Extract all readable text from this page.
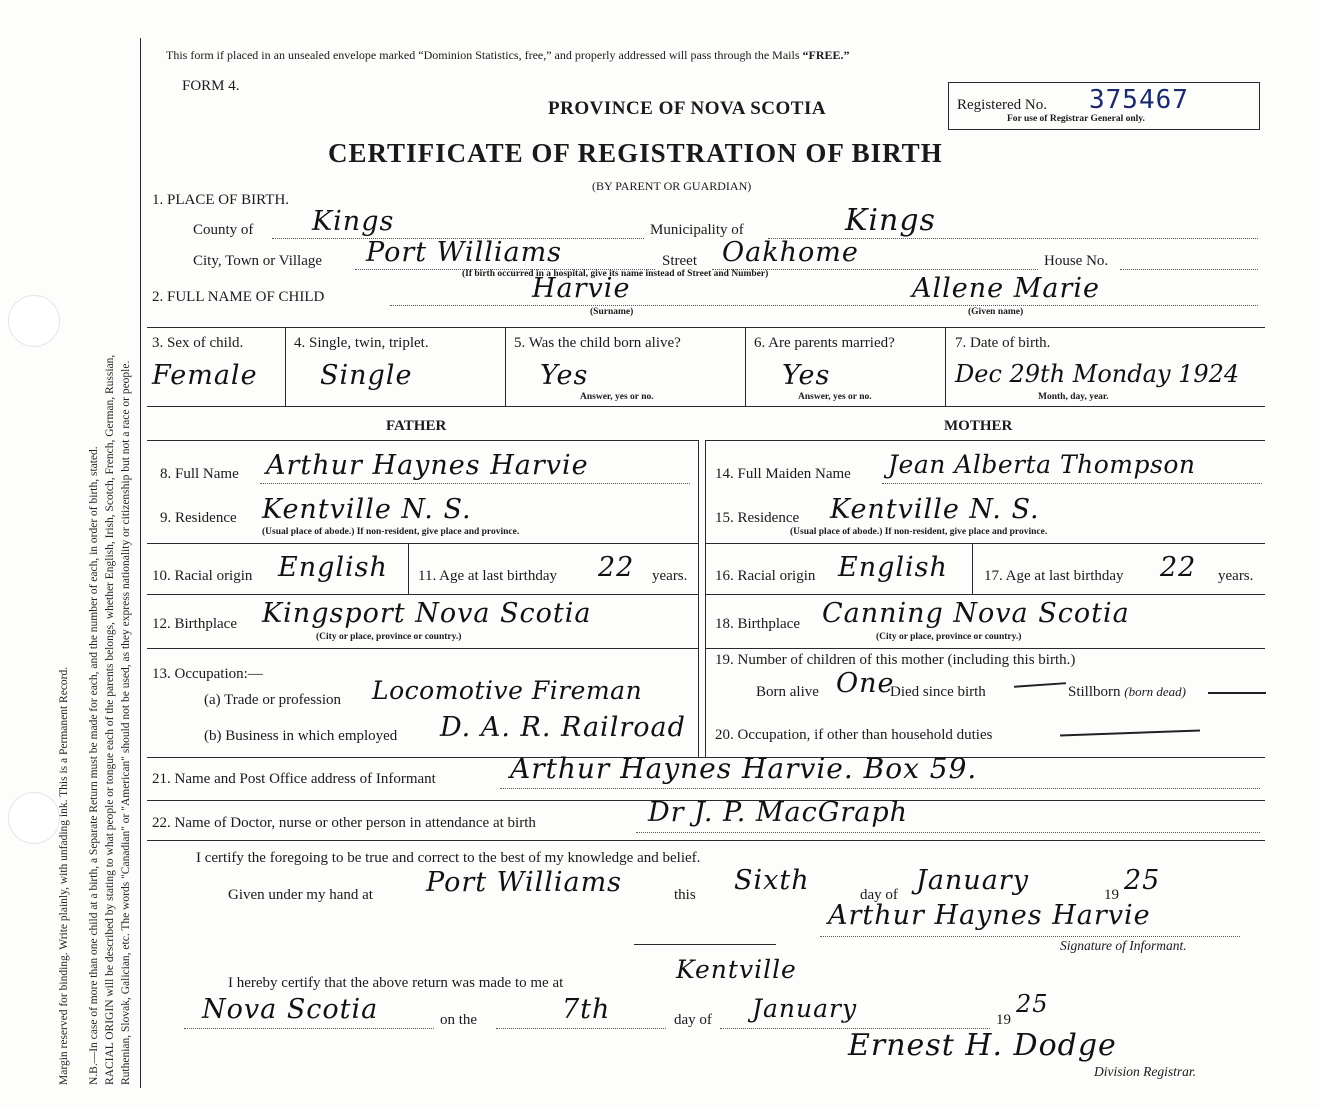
Margin reserved for binding. Write plainly, with unfading ink. This is a Permanent Record. N.B.—In case of more than one child at a birth, a Separate Return must be made for each, and the number of each, in order of birth, stated. RACIAL ORIGIN will be described by stating to what people or tongue each of the parents belongs, whether English, Irish, Scotch, French, German, Russian, Ruthenian, Slovak, Galician, etc. The words "Canadian" or "American" should not be used, as they express nationality or citizenship but not a race or people.
This form if placed in an unsealed envelope marked “Dominion Statistics, free,” and properly addressed will pass through the Mails “FREE.”
FORM 4.
PROVINCE OF NOVA SCOTIA	Registered No. 375467
For use of Registrar General only.
CERTIFICATE OF REGISTRATION OF BIRTH
(BY PARENT OR GUARDIAN)
1. PLACE OF BIRTH.
County of Kings	Municipality of	Kings
City, Town or Village Port Williams	Street Oakhome	House No.
(If birth occurred in a hospital, give its name instead of Street and Number)
2. FULL NAME OF CHILD	Harvie
(Surname)
Allene Marie
(Given name)
3. Sex of child.
Female
4. Single, twin, triplet.
Single
5. Was the child born alive?
Yes
Answer, yes or no.
6. Are parents married?
Yes
Answer, yes or no.
7. Date of birth.
Dec 29th Monday 1924
Month, day, year.
FATHER	MOTHER
8. Full Name Arthur Haynes Harvie
9. Residence Kentville N. S.
(Usual place of abode.) If non-resident, give place and province.
10. Racial origin English 11. Age at last birthday 22 years.
12. Birthplace Kingsport Nova Scotia
(City or place, province or country.)
13. Occupation:—
(a) Trade or profession Locomotive Fireman
(b) Business in which employed D. A. R. Railroad
14. Full Maiden Name Jean Alberta Thompson
15. Residence Kentville N. S.
(Usual place of abode.) If non-resident, give place and province.
16. Racial origin English 17. Age at last birthday 22 years.
18. Birthplace Canning Nova Scotia
(City or place, province or country.)
19. Number of children of this mother (including this birth.)
Born alive One
Died since birth	Stillborn (born dead)
20. Occupation, if other than household duties
21. Name and Post Office address of Informant	Arthur Haynes Harvie. Box 59.
22. Name of Doctor, nurse or other person in attendance at birth	Dr J. P. MacGraph
I certify the foregoing to be true and correct to the best of my knowledge and belief.
Given under my hand at Port Williams	this Sixth	day of January	19 25
Arthur Haynes Harvie
Signature of Informant.
I hereby certify that the above return was made to me at	Kentville
Nova Scotia	on the	7th	day of January	19
25
Ernest H. Dodge
Division Registrar.
